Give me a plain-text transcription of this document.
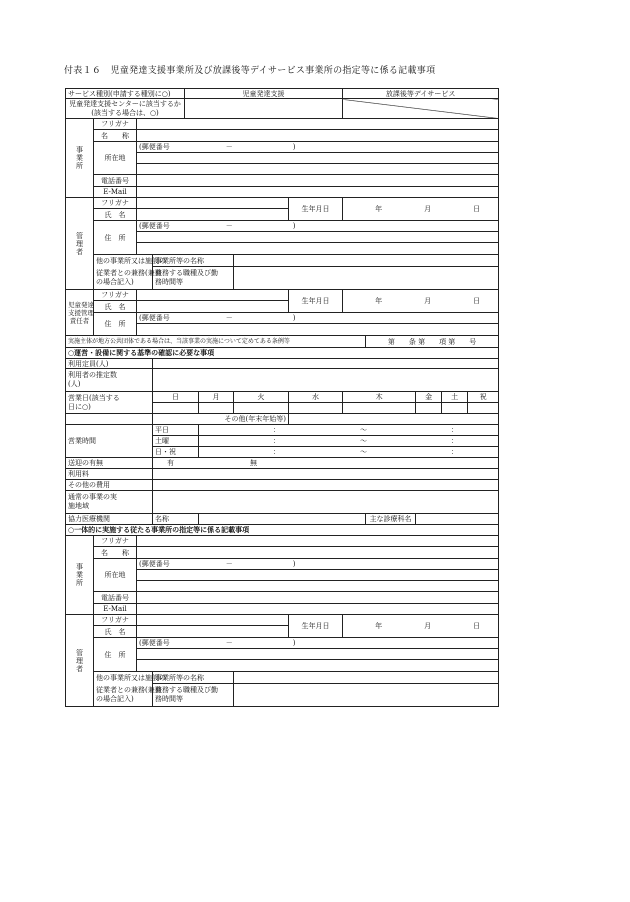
付表１６　児童発達支援事業所及び放課後等デイサービス事業所の指定等に係る記載事項
サービス種別(申請する種別に○)				児童発達支援				放課後等デイサービス				
児童発達支援センターに該当するか												
(該当する場合は、○)												

事
業
所	フリガナ											
	名　　称											
	所在地	(郵便番号 － )										

	電話番号											
	E-Mail											

管
理
者	フリガナ						生年月日	年 月 日				
	氏　名											
	住　所	(郵便番号 － )										

	他の事業所又は施設の		事業所等の名称									

	従業者との兼務(兼務
の場合記入)		兼務する職種及び勤
務時間等									

児童発達
支援管理
責任者	フリガナ						生年月日	年 月 日				
	氏　名											
	住　所	(郵便番号 － )										

実施主体が地方公共団体である場合は、当該事業の実施について定めてある条例等									第　　条 第　　項 第　　号			
○運営・設備に関する基準の確認に必要な事項												
利用定員(人)												

利用者の推定数
(人)												

営業日(該当する
日に○)			日		月	火	水	木		金	土	祝

			その他(年末年始等)									
営業時間			平日		： ～ ：							
			土曜		： ～ ：							
			日・祝		： ～ ：							
送迎の有無			有 無									
利用料												
その他の費用												

通常の事業の実
施地域												

協力医療機関			名称						主な診療科名			
○一体的に実施する従たる事業所の指定等に係る記載事項												

事
業
所	フリガナ											
	名　　称											
	所在地	(郵便番号 － )										

	電話番号											
	E-Mail											

管
理
者	フリガナ						生年月日	年 月 日				
	氏　名											
	住　所	(郵便番号 － )										

	他の事業所又は施設の		事業所等の名称									

	従業者との兼務(兼務
の場合記入)		兼務する職種及び勤
務時間等									
